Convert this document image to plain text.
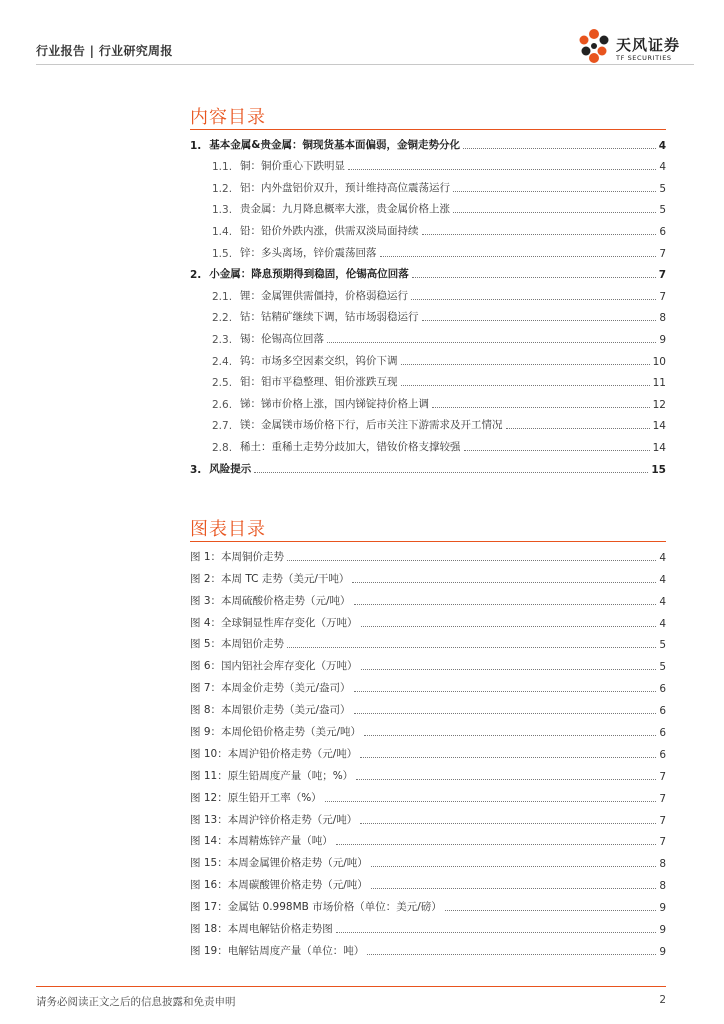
行业报告 | 行业研究周报	天风证券
TF SECURITIES
内容目录
1. 基本金属&贵金属：铜现货基本面偏弱，金铜走势分化	4
1.1. 铜：铜价重心下跌明显	4
1.2. 铝：内外盘铝价双升，预计维持高位震荡运行	5
1.3. 贵金属：九月降息概率大涨，贵金属价格上涨	5
1.4. 铅：铅价外跌内涨，供需双淡局面持续	6
1.5. 锌：多头离场，锌价震荡回落	7
2. 小金属：降息预期得到稳固，伦锡高位回落	7
2.1. 锂：金属锂供需僵持，价格弱稳运行	7
2.2. 钴：钴精矿继续下调，钴市场弱稳运行	8
2.3. 锡：伦锡高位回落	9
2.4. 钨：市场多空因素交织，钨价下调	10
2.5. 钼：钼市平稳整理、钼价涨跌互现	11
2.6. 锑：锑市价格上涨，国内锑锭持价格上调	12
2.7. 镁：金属镁市场价格下行，后市关注下游需求及开工情况	14
2.8. 稀土：重稀土走势分歧加大，错钕价格支撑较强	14
3. 风险提示	15
图表目录
图 1：本周铜价走势	4
图 2：本周 TC 走势（美元/干吨）	4
图 3：本周硫酸价格走势（元/吨）	4
图 4：全球铜显性库存变化（万吨）	4
图 5：本周铝价走势	5
图 6：国内铝社会库存变化（万吨）	5
图 7：本周金价走势（美元/盎司）	6
图 8：本周银价走势（美元/盎司）	6
图 9：本周伦铅价格走势（美元/吨）	6
图 10：本周沪铅价格走势（元/吨）	6
图 11：原生铅周度产量（吨；%）	7
图 12：原生铅开工率（%）	7
图 13：本周沪锌价格走势（元/吨）	7
图 14：本周精炼锌产量（吨）	7
图 15：本周金属锂价格走势（元/吨）	8
图 16：本周碳酸锂价格走势（元/吨）	8
图 17：金属钴 0.998MB 市场价格（单位：美元/磅）	9
图 18：本周电解钴价格走势图	9
图 19：电解钴周度产量（单位：吨）	9
请务必阅读正文之后的信息披露和免责申明	2
